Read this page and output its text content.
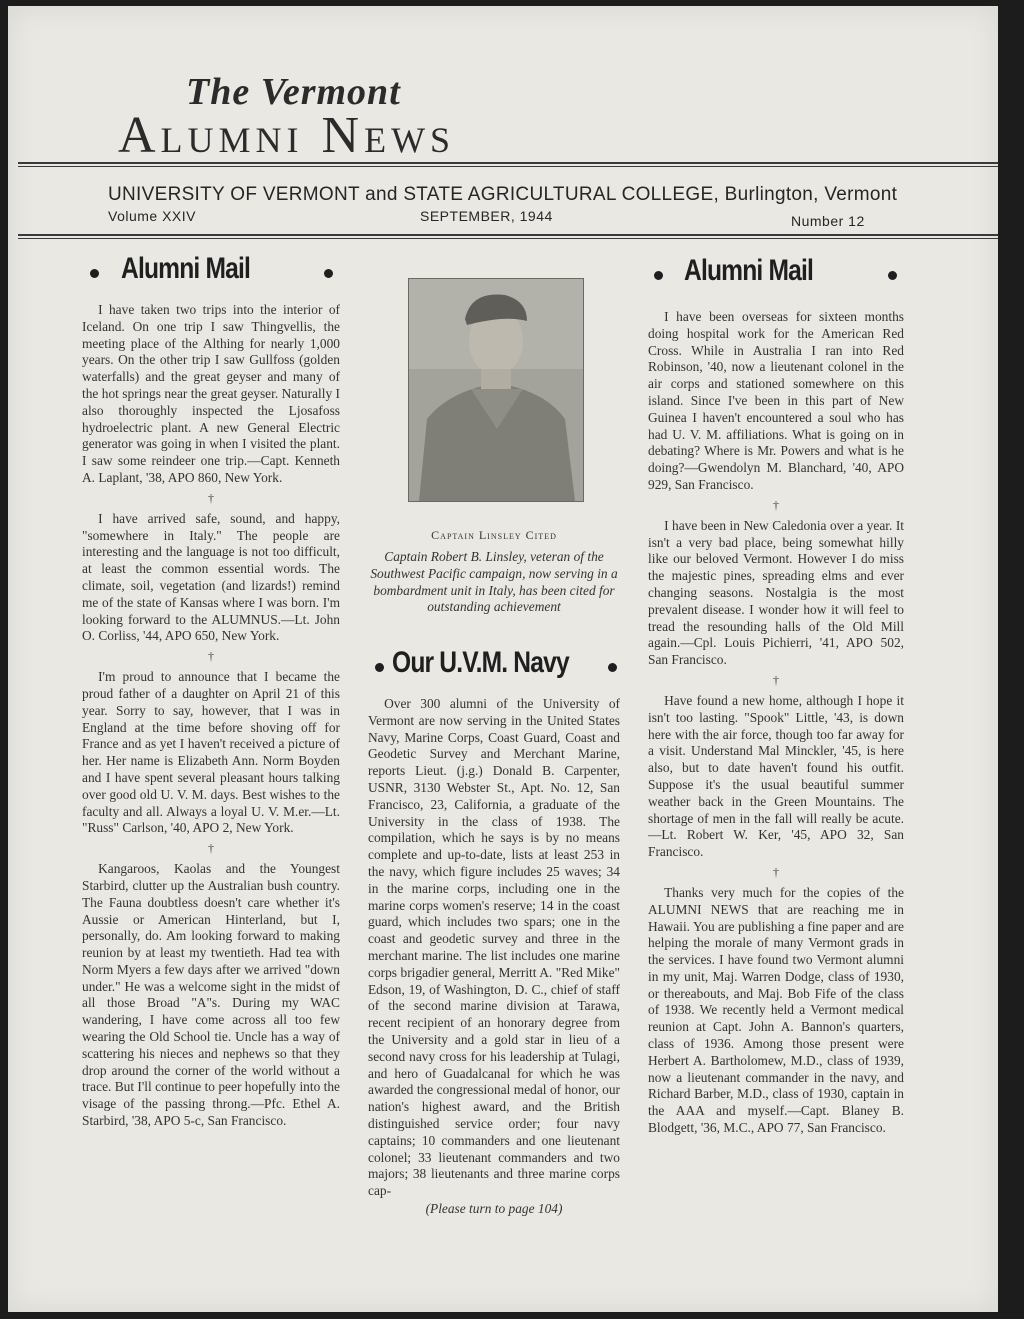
The Vermont
Alumni News
UNIVERSITY OF VERMONT and STATE AGRICULTURAL COLLEGE, Burlington, Vermont
Volume XXIV	SEPTEMBER, 1944	Number 12
Alumni Mail

I have taken two trips into the interior of Iceland. On one trip I saw Thingvellis, the meeting place of the Althing for nearly 1,000 years. On the other trip I saw Gullfoss (golden waterfalls) and the great geyser and many of the hot springs near the great geyser. Naturally I also thoroughly inspected the Ljosafoss hydroelectric plant. A new General Electric generator was going in when I visited the plant. I saw some reindeer one trip.—Capt. Kenneth A. Laplant, '38, APO 860, New York.

†

I have arrived safe, sound, and happy, "somewhere in Italy." The people are interesting and the language is not too difficult, at least the common essential words. The climate, soil, vegetation (and lizards!) remind me of the state of Kansas where I was born. I'm looking forward to the ALUMNUS.—Lt. John O. Corliss, '44, APO 650, New York.

†

I'm proud to announce that I became the proud father of a daughter on April 21 of this year. Sorry to say, however, that I was in England at the time before shoving off for France and as yet I haven't received a picture of her. Her name is Elizabeth Ann. Norm Boyden and I have spent several pleasant hours talking over good old U. V. M. days. Best wishes to the faculty and all. Always a loyal U. V. M.er.—Lt. "Russ" Carlson, '40, APO 2, New York.

†

Kangaroos, Kaolas and the Youngest Starbird, clutter up the Australian bush country. The Fauna doubtless doesn't care whether it's Aussie or American Hinterland, but I, personally, do. Am looking forward to making reunion by at least my twentieth. Had tea with Norm Myers a few days after we arrived "down under." He was a welcome sight in the midst of all those Broad "A"s. During my WAC wandering, I have come across all too few wearing the Old School tie. Uncle has a way of scattering his nieces and nephews so that they drop around the corner of the world without a trace. But I'll continue to peer hopefully into the visage of the passing throng.—Pfc. Ethel A. Starbird, '38, APO 5-c, San Francisco.

Captain Linsley Cited
Captain Robert B. Linsley, veteran of the Southwest Pacific campaign, now serving in a bombardment unit in Italy, has been cited for outstanding achievement
Our U.V.M. Navy

Over 300 alumni of the University of Vermont are now serving in the United States Navy, Marine Corps, Coast Guard, Coast and Geodetic Survey and Merchant Marine, reports Lieut. (j.g.) Donald B. Carpenter, USNR, 3130 Webster St., Apt. No. 12, San Francisco, 23, California, a graduate of the University in the class of 1938. The compilation, which he says is by no means complete and up-to-date, lists at least 253 in the navy, which figure includes 25 waves; 34 in the marine corps, including one in the marine corps women's reserve; 14 in the coast guard, which includes two spars; one in the coast and geodetic survey and three in the merchant marine. The list includes one marine corps brigadier general, Merritt A. "Red Mike" Edson, 19, of Washington, D. C., chief of staff of the second marine division at Tarawa, recent recipient of an honorary degree from the University and a gold star in lieu of a second navy cross for his leadership at Tulagi, and hero of Guadalcanal for which he was awarded the congressional medal of honor, our nation's highest award, and the British distinguished service order; four navy captains; 10 commanders and one lieutenant colonel; 33 lieutenant commanders and two majors; 38 lieutenants and three marine corps cap-

(Please turn to page 104)
Alumni Mail

I have been overseas for sixteen months doing hospital work for the American Red Cross. While in Australia I ran into Red Robinson, '40, now a lieutenant colonel in the air corps and stationed somewhere on this island. Since I've been in this part of New Guinea I haven't encountered a soul who has had U. V. M. affiliations. What is going on in debating? Where is Mr. Powers and what is he doing?—Gwendolyn M. Blanchard, '40, APO 929, San Francisco.

†

I have been in New Caledonia over a year. It isn't a very bad place, being somewhat hilly like our beloved Vermont. However I do miss the majestic pines, spreading elms and ever changing seasons. Nostalgia is the most prevalent disease. I wonder how it will feel to tread the resounding halls of the Old Mill again.—Cpl. Louis Pichierri, '41, APO 502, San Francisco.

†

Have found a new home, although I hope it isn't too lasting. "Spook" Little, '43, is down here with the air force, though too far away for a visit. Understand Mal Minckler, '45, is here also, but to date haven't found his outfit. Suppose it's the usual beautiful summer weather back in the Green Mountains. The shortage of men in the fall will really be acute.—Lt. Robert W. Ker, '45, APO 32, San Francisco.

†

Thanks very much for the copies of the ALUMNI NEWS that are reaching me in Hawaii. You are publishing a fine paper and are helping the morale of many Vermont grads in the services. I have found two Vermont alumni in my unit, Maj. Warren Dodge, class of 1930, or thereabouts, and Maj. Bob Fife of the class of 1938. We recently held a Vermont medical reunion at Capt. John A. Bannon's quarters, class of 1936. Among those present were Herbert A. Bartholomew, M.D., class of 1939, now a lieutenant commander in the navy, and Richard Barber, M.D., class of 1930, captain in the AAA and myself.—Capt. Blaney B. Blodgett, '36, M.C., APO 77, San Francisco.
